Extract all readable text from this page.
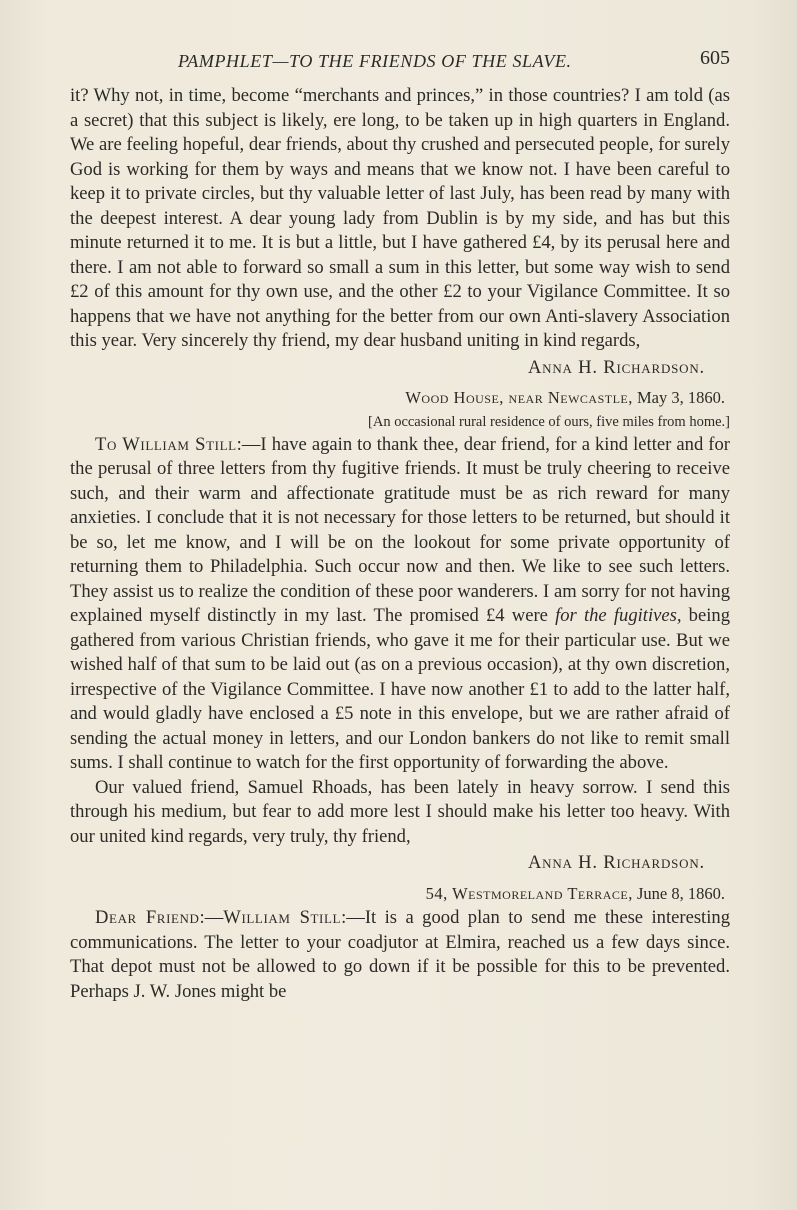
PAMPHLET—TO THE FRIENDS OF THE SLAVE.	605

it? Why not, in time, become “merchants and princes,” in those countries? I am told (as a secret) that this subject is likely, ere long, to be taken up in high quarters in England. We are feeling hopeful, dear friends, about thy crushed and persecuted people, for surely God is working for them by ways and means that we know not. I have been careful to keep it to private circles, but thy valuable letter of last July, has been read by many with the deepest interest. A dear young lady from Dublin is by my side, and has but this minute returned it to me. It is but a little, but I have gathered £4, by its perusal here and there. I am not able to forward so small a sum in this letter, but some way wish to send £2 of this amount for thy own use, and the other £2 to your Vigilance Committee. It so happens that we have not anything for the better from our own Anti-slavery Association this year. Very sincerely thy friend, my dear husband uniting in kind regards,

Anna H. Richardson.

Wood House, near Newcastle, May 3, 1860.

[An occasional rural residence of ours, five miles from home.]

To William Still:—I have again to thank thee, dear friend, for a kind letter and for the perusal of three letters from thy fugitive friends. It must be truly cheering to receive such, and their warm and affectionate gratitude must be as rich reward for many anxieties. I conclude that it is not necessary for those letters to be returned, but should it be so, let me know, and I will be on the lookout for some private opportunity of returning them to Philadelphia. Such occur now and then. We like to see such letters. They assist us to realize the condition of these poor wanderers. I am sorry for not having explained myself distinctly in my last. The promised £4 were for the fugitives, being gathered from various Christian friends, who gave it me for their particular use. But we wished half of that sum to be laid out (as on a previous occasion), at thy own discretion, irrespective of the Vigilance Committee. I have now another £1 to add to the latter half, and would gladly have enclosed a £5 note in this envelope, but we are rather afraid of sending the actual money in letters, and our London bankers do not like to remit small sums. I shall continue to watch for the first opportunity of forwarding the above.

Our valued friend, Samuel Rhoads, has been lately in heavy sorrow. I send this through his medium, but fear to add more lest I should make his letter too heavy. With our united kind regards, very truly, thy friend,

Anna H. Richardson.

54, Westmoreland Terrace, June 8, 1860.

Dear Friend:—William Still:—It is a good plan to send me these interesting communications. The letter to your coadjutor at Elmira, reached us a few days since. That depot must not be allowed to go down if it be possible for this to be prevented. Perhaps J. W. Jones might be
